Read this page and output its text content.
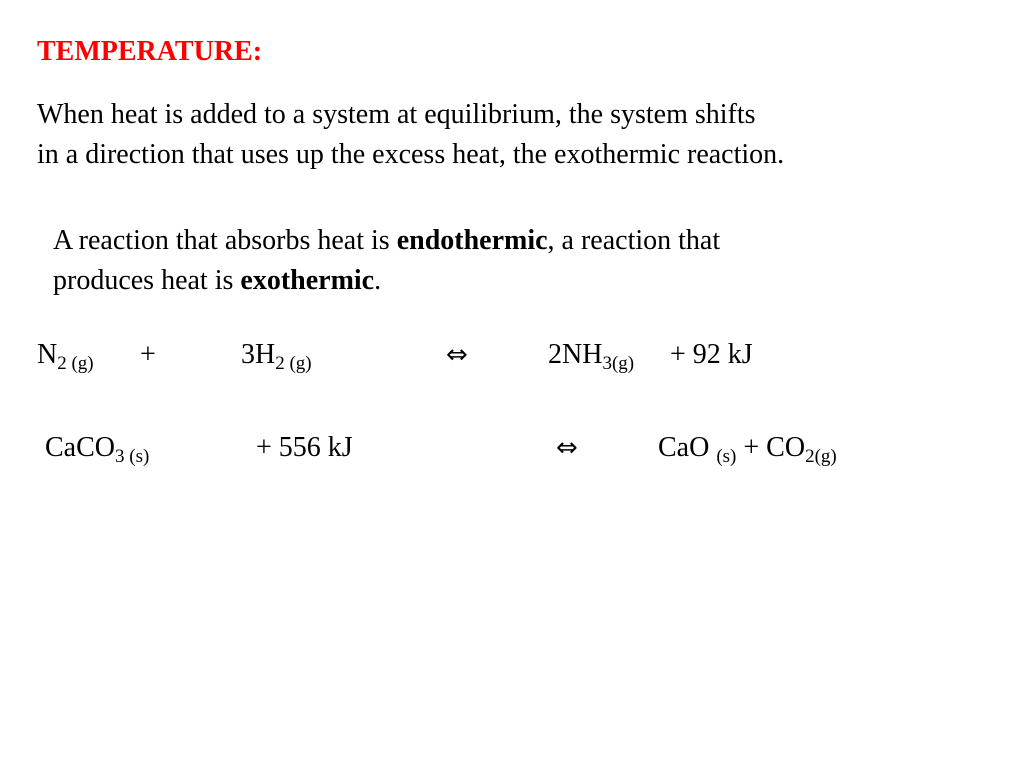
TEMPERATURE:
When heat is added to a system at equilibrium, the system shifts
in a direction that uses up the excess heat, the exothermic reaction.
A reaction that absorbs heat is endothermic, a reaction that
produces heat is exothermic.
$N_{2 (g)}$ +	$3H_{2 (g)}$	⇔	$2NH_{3(g)} + 92$ kJ
CaCO$_{3 (s)}$	+ 556 kJ	⇔	CaO $_{(s)} + CO_{2(g)}$
